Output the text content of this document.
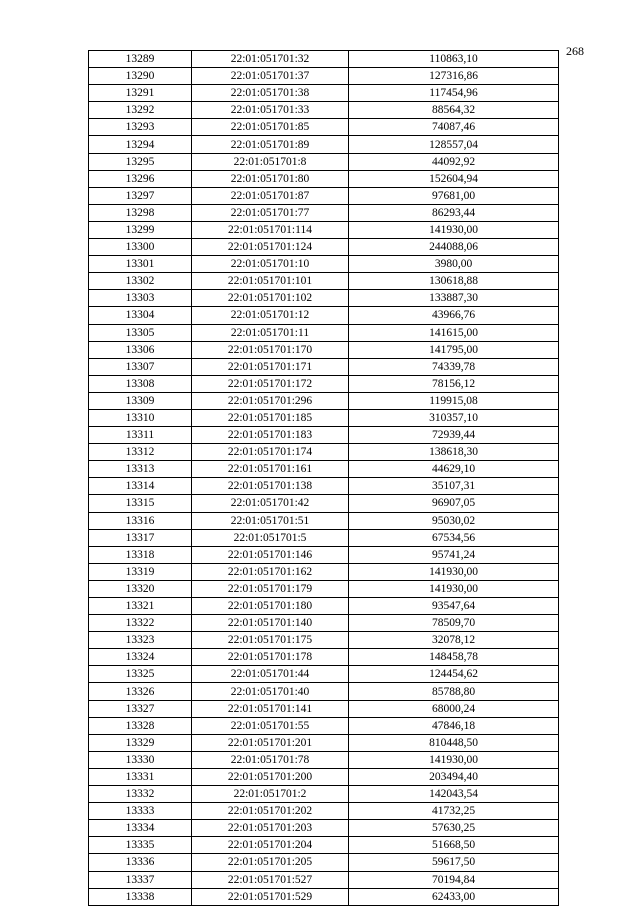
268
13289	22:01:051701:32	110863,10
13290	22:01:051701:37	127316,86
13291	22:01:051701:38	117454,96
13292	22:01:051701:33	88564,32
13293	22:01:051701:85	74087,46
13294	22:01:051701:89	128557,04
13295	22:01:051701:8	44092,92
13296	22:01:051701:80	152604,94
13297	22:01:051701:87	97681,00
13298	22:01:051701:77	86293,44
13299	22:01:051701:114	141930,00
13300	22:01:051701:124	244088,06
13301	22:01:051701:10	3980,00
13302	22:01:051701:101	130618,88
13303	22:01:051701:102	133887,30
13304	22:01:051701:12	43966,76
13305	22:01:051701:11	141615,00
13306	22:01:051701:170	141795,00
13307	22:01:051701:171	74339,78
13308	22:01:051701:172	78156,12
13309	22:01:051701:296	119915,08
13310	22:01:051701:185	310357,10
13311	22:01:051701:183	72939,44
13312	22:01:051701:174	138618,30
13313	22:01:051701:161	44629,10
13314	22:01:051701:138	35107,31
13315	22:01:051701:42	96907,05
13316	22:01:051701:51	95030,02
13317	22:01:051701:5	67534,56
13318	22:01:051701:146	95741,24
13319	22:01:051701:162	141930,00
13320	22:01:051701:179	141930,00
13321	22:01:051701:180	93547,64
13322	22:01:051701:140	78509,70
13323	22:01:051701:175	32078,12
13324	22:01:051701:178	148458,78
13325	22:01:051701:44	124454,62
13326	22:01:051701:40	85788,80
13327	22:01:051701:141	68000,24
13328	22:01:051701:55	47846,18
13329	22:01:051701:201	810448,50
13330	22:01:051701:78	141930,00
13331	22:01:051701:200	203494,40
13332	22:01:051701:2	142043,54
13333	22:01:051701:202	41732,25
13334	22:01:051701:203	57630,25
13335	22:01:051701:204	51668,50
13336	22:01:051701:205	59617,50
13337	22:01:051701:527	70194,84
13338	22:01:051701:529	62433,00
